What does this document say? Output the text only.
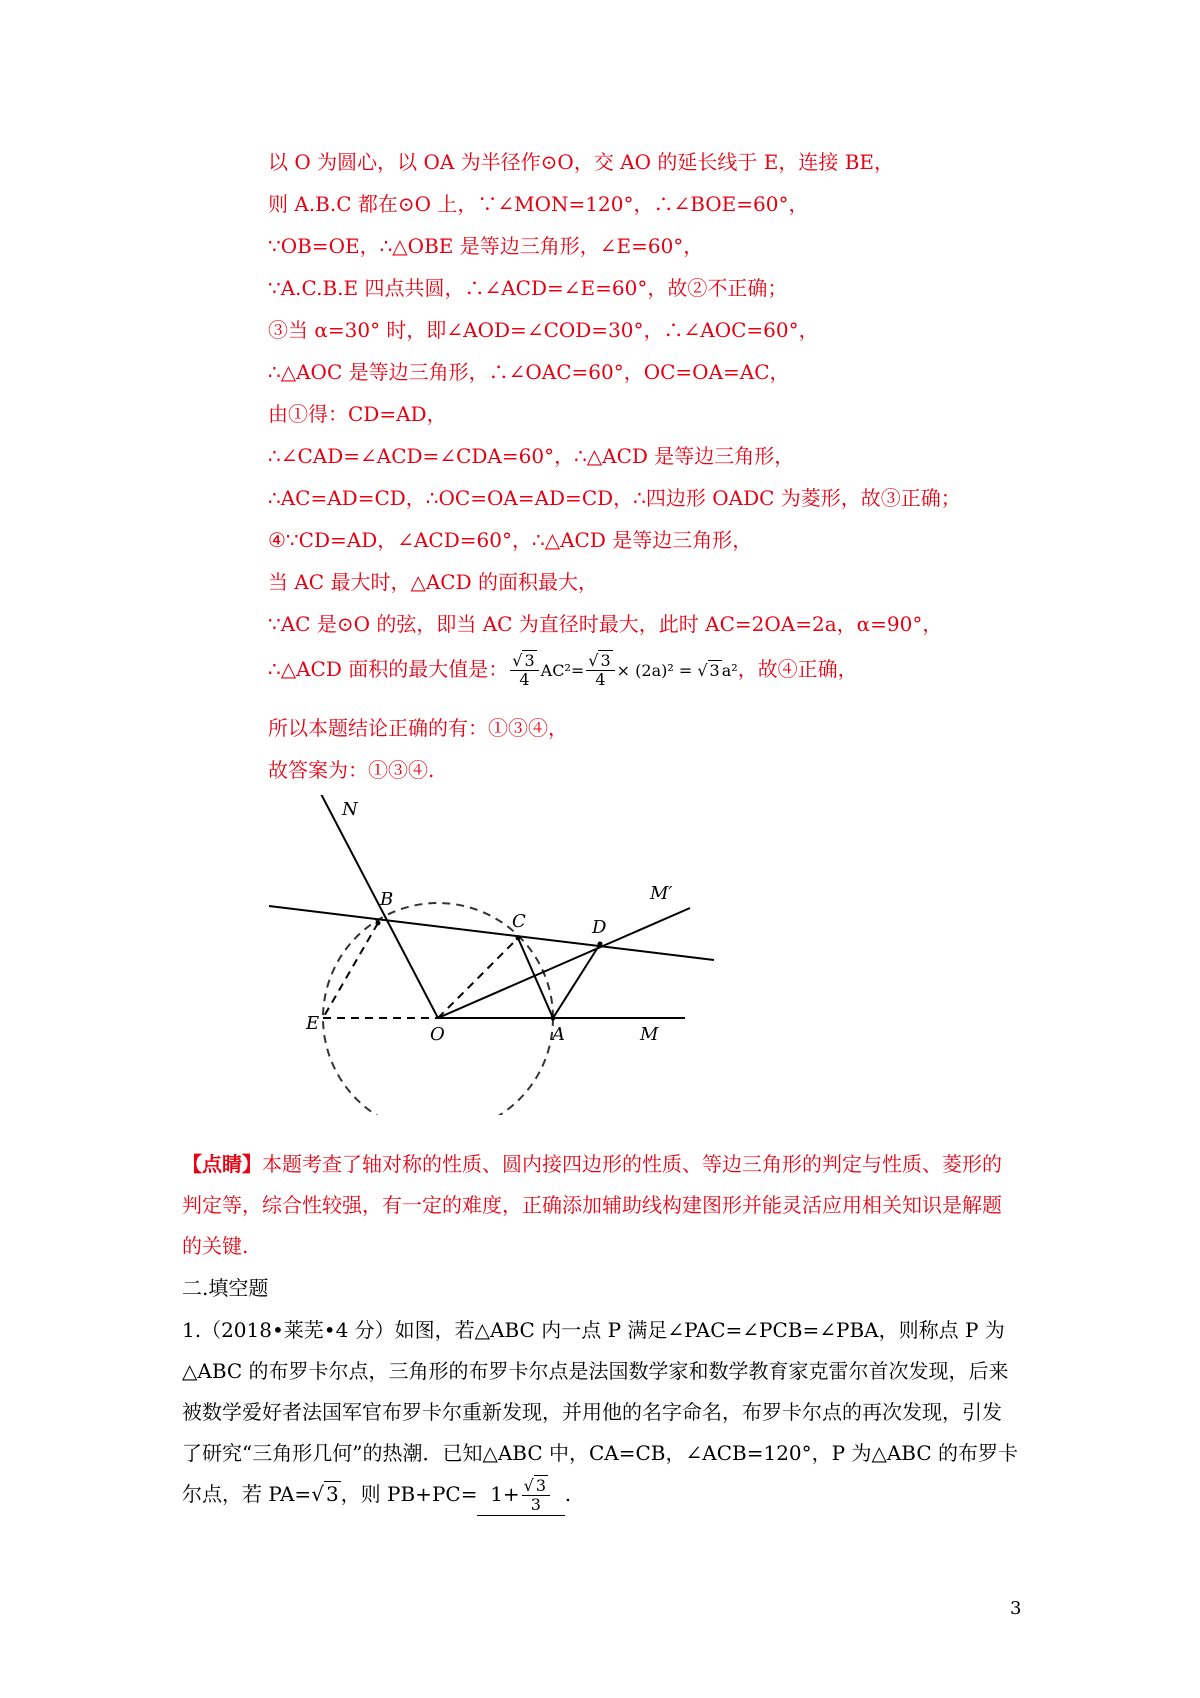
以 O 为圆心，以 OA 为半径作⊙O，交 AO 的延长线于 E，连接 BE，
则 A.B.C 都在⊙O 上，∵∠MON=120°，∴∠BOE=60°，
∵OB=OE，∴△OBE 是等边三角形，∠E=60°，
∵A.C.B.E 四点共圆，∴∠ACD=∠E=60°，故②不正确；
③当 α=30° 时，即∠AOD=∠COD=30°，∴∠AOC=60°，
∴△AOC 是等边三角形，∴∠OAC=60°，OC=OA=AC，
由①得：CD=AD，
∴∠CAD=∠ACD=∠CDA=60°，∴△ACD 是等边三角形，
∴AC=AD=CD，∴OC=OA=AD=CD，∴四边形 OADC 为菱形，故③正确；
④∵CD=AD，∠ACD=60°，∴△ACD 是等边三角形，
当 AC 最大时，△ACD 的面积最大，
∵AC 是⊙O 的弦，即当 AC 为直径时最大，此时 AC=2OA=2a，α=90°，
∴△ACD 面积的最大值是： $\frac{√ 3}{4} AC^2= \frac{√ 3}{4} \times (2a)^2$ = √ 3 a²，故④正确，
所以本题结论正确的有：①③④，
故答案为：①③④.
N
B
C	D
M′
E
O	A	M
【点睛】本题考查了轴对称的性质、圆内接四边形的性质、等边三角形的判定与性质、菱形的判定等，综合性较强，有一定的难度，正确添加辅助线构建图形并能灵活应用相关知识是解题的关键.
二.填空题
1.（2018•莱芜•4 分）如图，若△ABC 内一点 P 满足∠PAC=∠PCB=∠PBA，则称点 P 为△ABC 的布罗卡尔点，三角形的布罗卡尔点是法国数学家和数学教育家克雷尔首次发现，后来被数学爱好者法国军官布罗卡尔重新发现，并用他的名字命名，布罗卡尔点的再次发现，引发了研究“三角形几何”的热潮．已知△ABC 中，CA=CB，∠ACB=120°，P 为△ABC 的布罗卡尔点，若 PA=√ 3 ，则 $PB+PC= 1+ \frac{√ 3}{3}$ .
3
